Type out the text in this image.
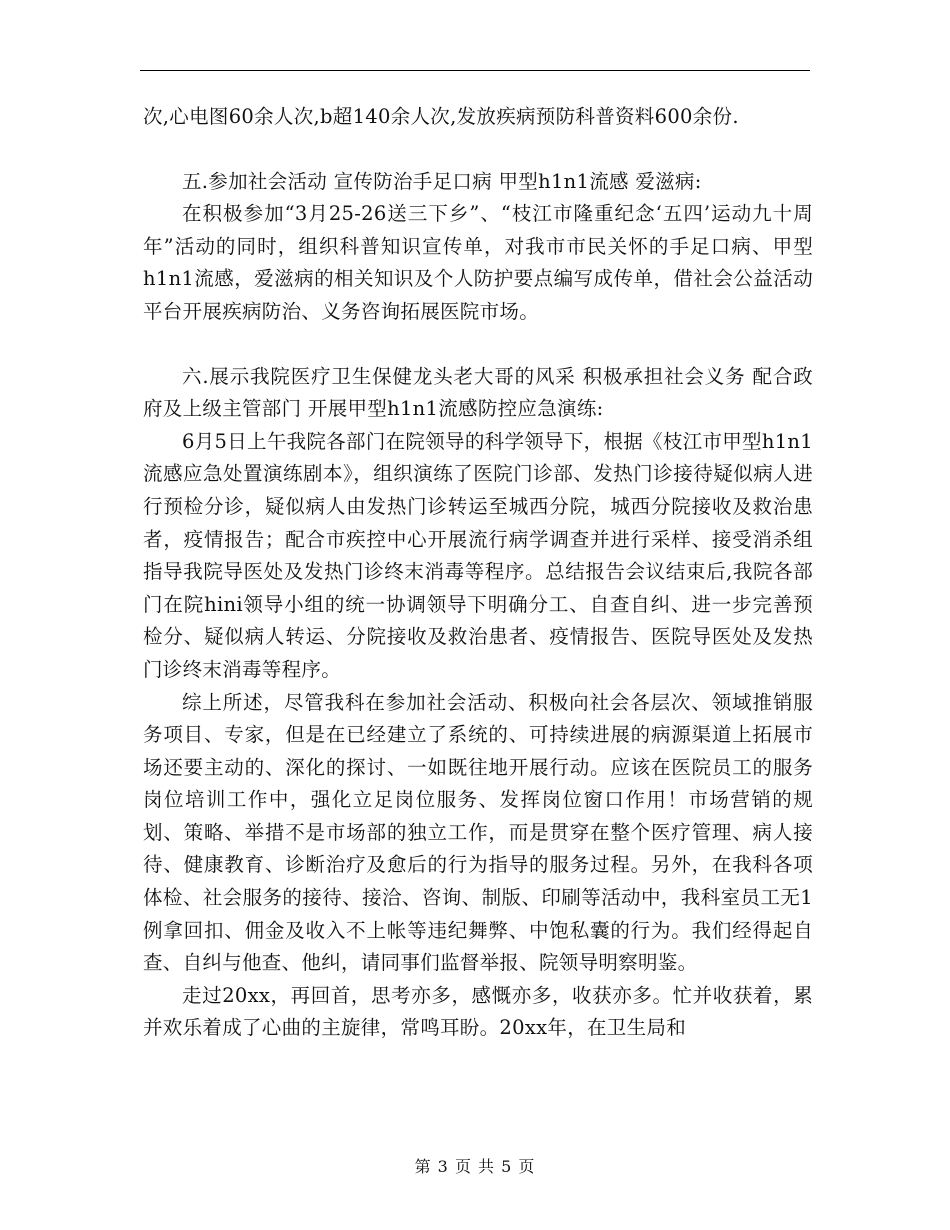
次,心电图60余人次,b超140余人次,发放疾病预防科普资料600余份.

五.参加社会活动 宣传防治手足口病 甲型h1n1流感 爱滋病:

在积极参加“3月25-26送三下乡”、“枝江市隆重纪念‘五四’运动九十周年”活动的同时，组织科普知识宣传单，对我市市民关怀的手足口病、甲型h1n1流感，爱滋病的相关知识及个人防护要点编写成传单，借社会公益活动平台开展疾病防治、义务咨询拓展医院市场。

六.展示我院医疗卫生保健龙头老大哥的风采 积极承担社会义务 配合政府及上级主管部门 开展甲型h1n1流感防控应急演练:

6月5日上午我院各部门在院领导的科学领导下，根据《枝江市甲型h1n1流感应急处置演练剧本》，组织演练了医院门诊部、发热门诊接待疑似病人进行预检分诊，疑似病人由发热门诊转运至城西分院，城西分院接收及救治患者，疫情报告；配合市疾控中心开展流行病学调查并进行采样、接受消杀组指导我院导医处及发热门诊终末消毒等程序。总结报告会议结束后,我院各部门在院hini领导小组的统一协调领导下明确分工、自查自纠、进一步完善预检分、疑似病人转运、分院接收及救治患者、疫情报告、医院导医处及发热门诊终末消毒等程序。

综上所述，尽管我科在参加社会活动、积极向社会各层次、领域推销服务项目、专家，但是在已经建立了系统的、可持续进展的病源渠道上拓展市场还要主动的、深化的探讨、一如既往地开展行动。应该在医院员工的服务岗位培训工作中，强化立足岗位服务、发挥岗位窗口作用！市场营销的规划、策略、举措不是市场部的独立工作，而是贯穿在整个医疗管理、病人接待、健康教育、诊断治疗及愈后的行为指导的服务过程。另外，在我科各项体检、社会服务的接待、接洽、咨询、制版、印刷等活动中，我科室员工无1例拿回扣、佣金及收入不上帐等违纪舞弊、中饱私囊的行为。我们经得起自查、自纠与他查、他纠，请同事们监督举报、院领导明察明鉴。

走过20xx，再回首，思考亦多，感慨亦多，收获亦多。忙并收获着，累并欢乐着成了心曲的主旋律，常鸣耳盼。20xx年，在卫生局和

第 3 页 共 5 页
